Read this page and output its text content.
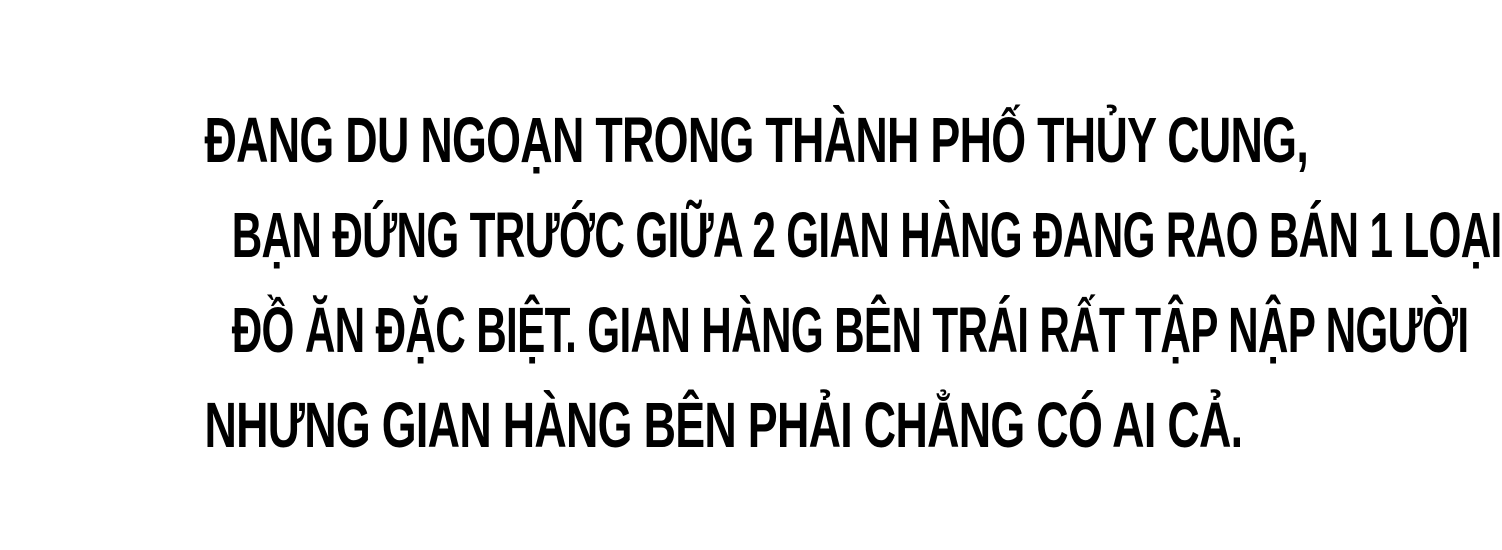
ĐANG DU NGOẠN TRONG THÀNH PHỐ THỦY CUNG,
BẠN ĐỨNG TRƯỚC GIỮA 2 GIAN HÀNG ĐANG RAO BÁN 1 LOẠI
ĐỒ ĂN ĐẶC BIỆT. GIAN HÀNG BÊN TRÁI RẤT TẬP NẬP NGƯỜI
NHƯNG GIAN HÀNG BÊN PHẢI CHẲNG CÓ AI CẢ.
